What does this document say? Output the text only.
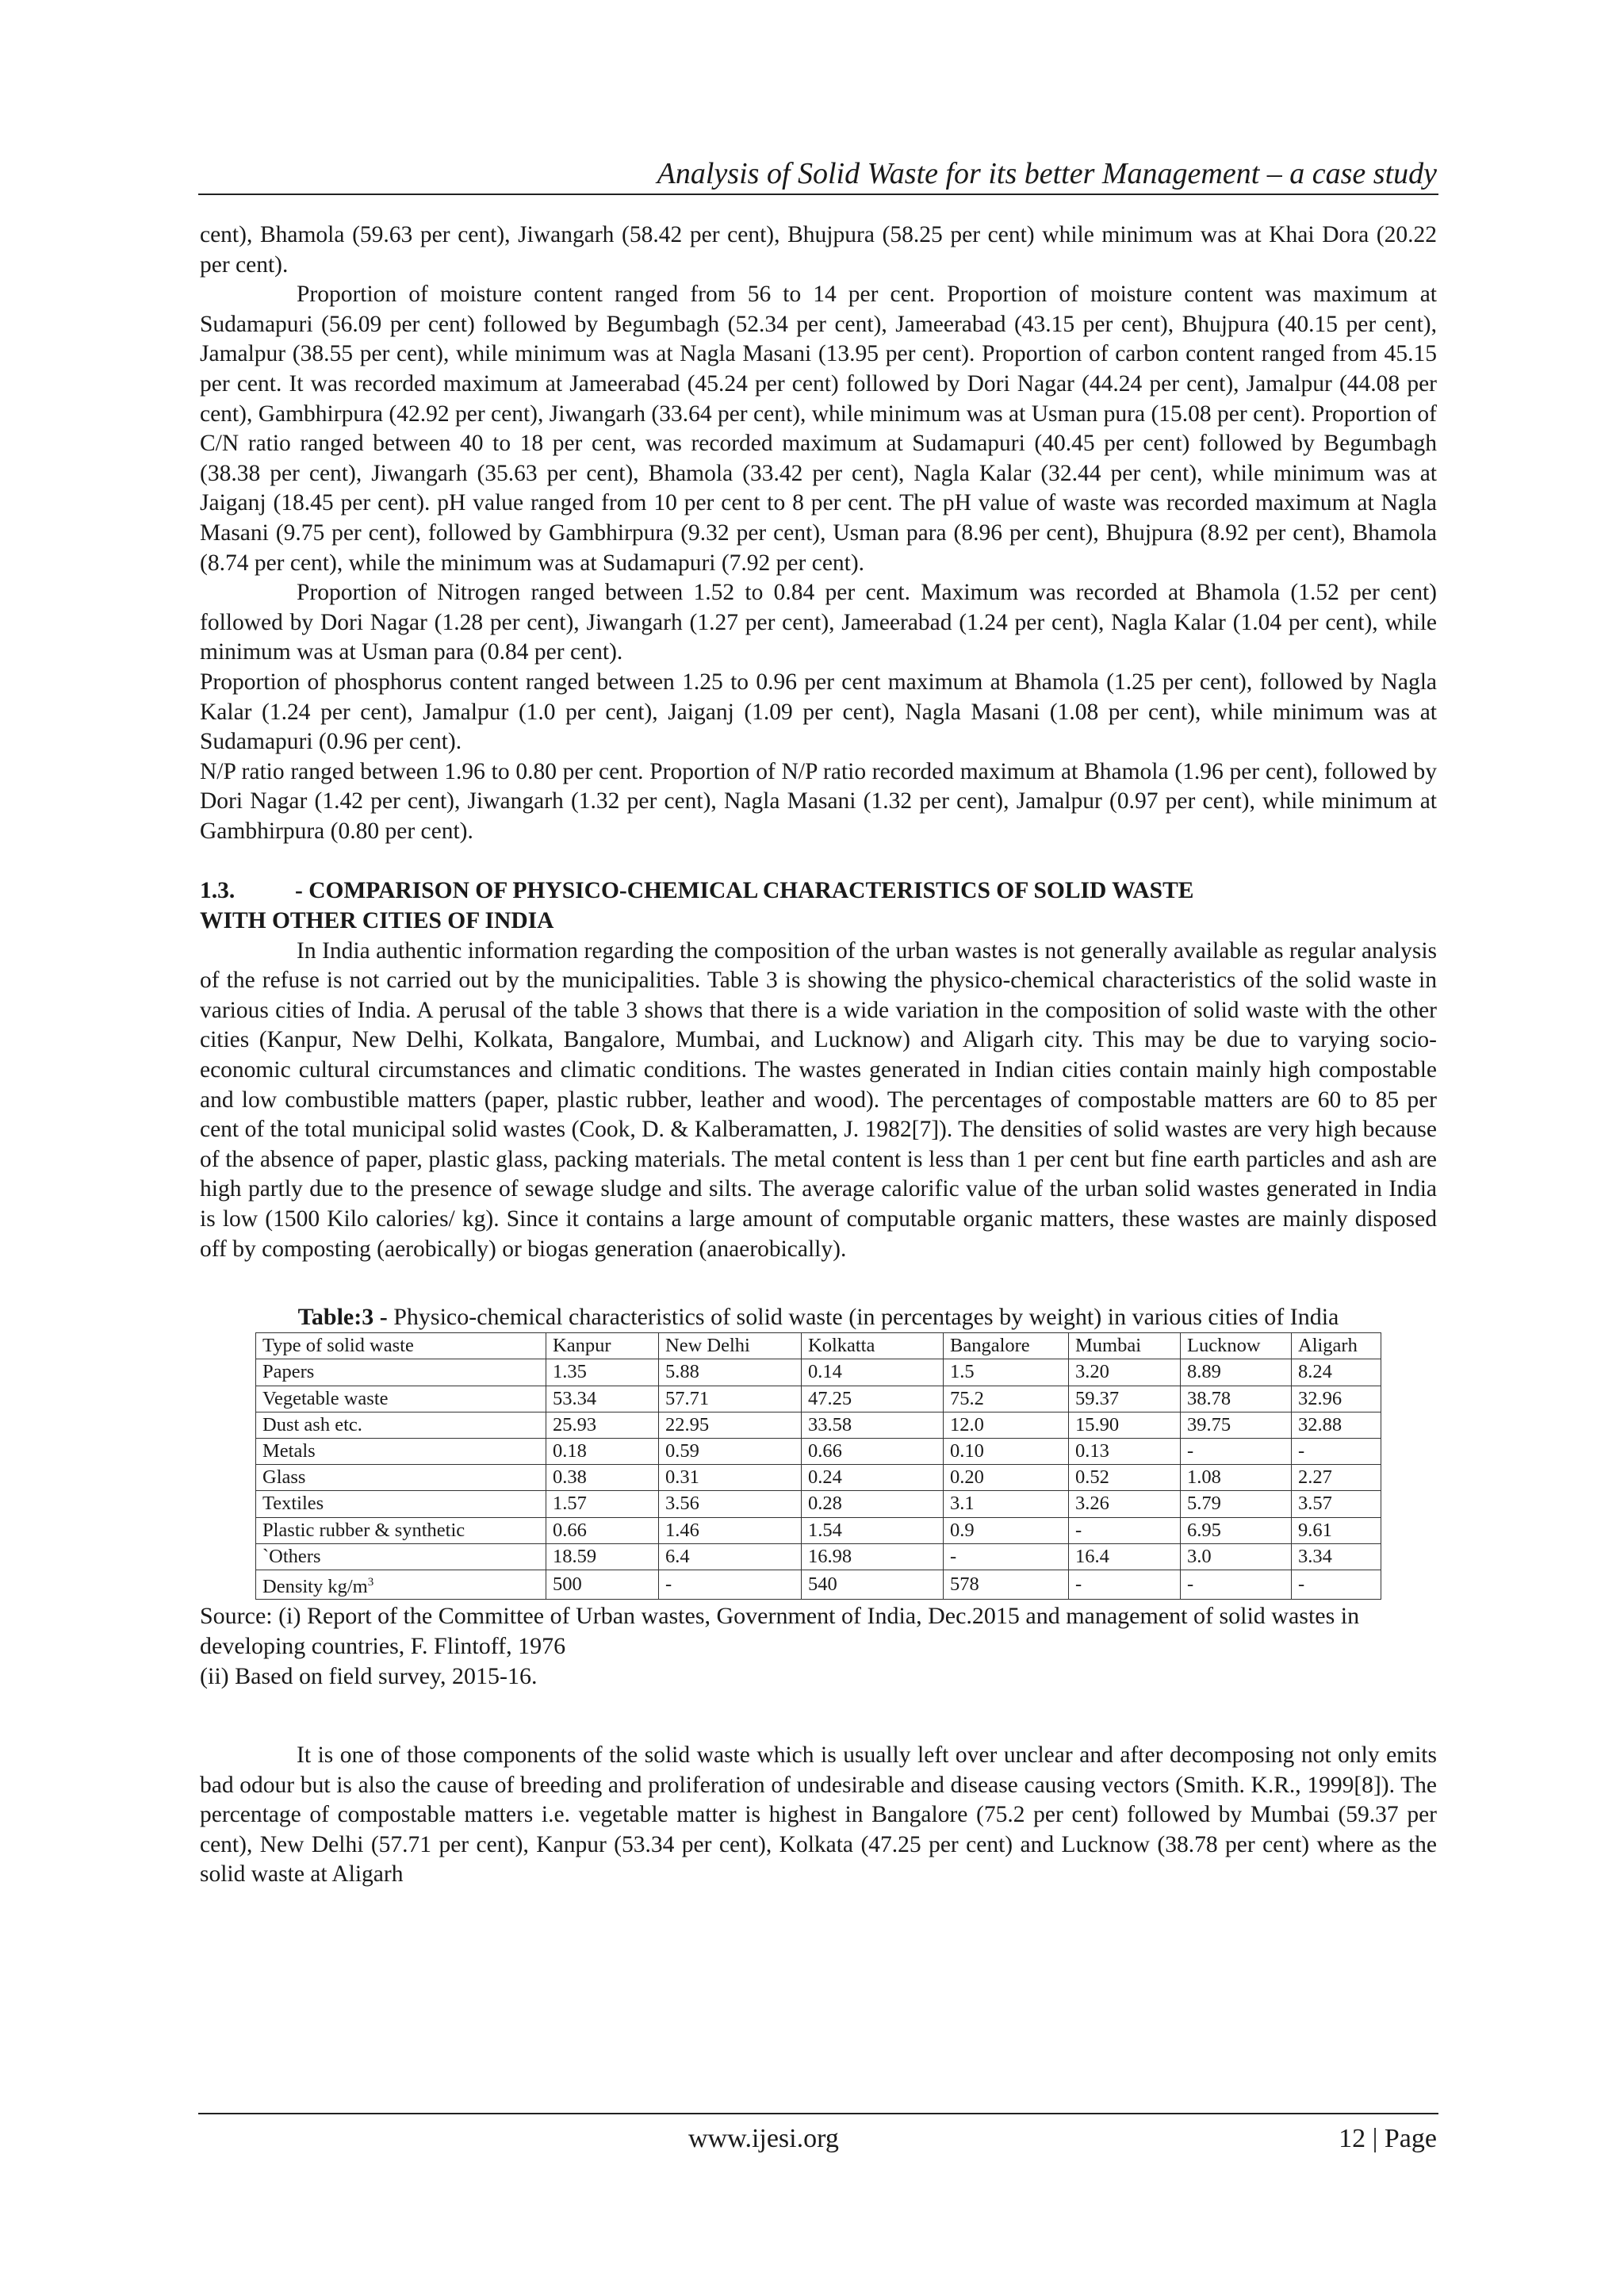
Analysis of Solid Waste for its better Management – a case study

cent), Bhamola (59.63 per cent), Jiwangarh (58.42 per cent), Bhujpura (58.25 per cent) while minimum was at Khai Dora (20.22 per cent).

Proportion of moisture content ranged from 56 to 14 per cent. Proportion of moisture content was maximum at Sudamapuri (56.09 per cent) followed by Begumbagh (52.34 per cent), Jameerabad (43.15 per cent), Bhujpura (40.15 per cent), Jamalpur (38.55 per cent), while minimum was at Nagla Masani (13.95 per cent). Proportion of carbon content ranged from 45.15 per cent. It was recorded maximum at Jameerabad (45.24 per cent) followed by Dori Nagar (44.24 per cent), Jamalpur (44.08 per cent), Gambhirpura (42.92 per cent), Jiwangarh (33.64 per cent), while minimum was at Usman pura (15.08 per cent). Proportion of C/N ratio ranged between 40 to 18 per cent, was recorded maximum at Sudamapuri (40.45 per cent) followed by Begumbagh (38.38 per cent), Jiwangarh (35.63 per cent), Bhamola (33.42 per cent), Nagla Kalar (32.44 per cent), while minimum was at Jaiganj (18.45 per cent). pH value ranged from 10 per cent to 8 per cent. The pH value of waste was recorded maximum at Nagla Masani (9.75 per cent), followed by Gambhirpura (9.32 per cent), Usman para (8.96 per cent), Bhujpura (8.92 per cent), Bhamola (8.74 per cent), while the minimum was at Sudamapuri (7.92 per cent).

Proportion of Nitrogen ranged between 1.52 to 0.84 per cent. Maximum was recorded at Bhamola (1.52 per cent) followed by Dori Nagar (1.28 per cent), Jiwangarh (1.27 per cent), Jameerabad (1.24 per cent), Nagla Kalar (1.04 per cent), while minimum was at Usman para (0.84 per cent).

Proportion of phosphorus content ranged between 1.25 to 0.96 per cent maximum at Bhamola (1.25 per cent), followed by Nagla Kalar (1.24 per cent), Jamalpur (1.0 per cent), Jaiganj (1.09 per cent), Nagla Masani (1.08 per cent), while minimum was at Sudamapuri (0.96 per cent).

N/P ratio ranged between 1.96 to 0.80 per cent. Proportion of N/P ratio recorded maximum at Bhamola (1.96 per cent), followed by Dori Nagar (1.42 per cent), Jiwangarh (1.32 per cent), Nagla Masani (1.32 per cent), Jamalpur (0.97 per cent), while minimum at Gambhirpura (0.80 per cent).

1.3.	- COMPARISON OF PHYSICO-CHEMICAL CHARACTERISTICS OF SOLID WASTE
WITH OTHER CITIES OF INDIA

In India authentic information regarding the composition of the urban wastes is not generally available as regular analysis of the refuse is not carried out by the municipalities. Table 3 is showing the physico-chemical characteristics of the solid waste in various cities of India. A perusal of the table 3 shows that there is a wide variation in the composition of solid waste with the other cities (Kanpur, New Delhi, Kolkata, Bangalore, Mumbai, and Lucknow) and Aligarh city. This may be due to varying socio-economic cultural circumstances and climatic conditions. The wastes generated in Indian cities contain mainly high compostable and low combustible matters (paper, plastic rubber, leather and wood). The percentages of compostable matters are 60 to 85 per cent of the total municipal solid wastes (Cook, D. & Kalberamatten, J. 1982[7]). The densities of solid wastes are very high because of the absence of paper, plastic glass, packing materials. The metal content is less than 1 per cent but fine earth particles and ash are high partly due to the presence of sewage sludge and silts. The average calorific value of the urban solid wastes generated in India is low (1500 Kilo calories/ kg). Since it contains a large amount of computable organic matters, these wastes are mainly disposed off by composting (aerobically) or biogas generation (anaerobically).

Table:3 - Physico-chemical characteristics of solid waste (in percentages by weight) in various cities of India
Type of solid waste	Kanpur	New Delhi	Kolkatta	Bangalore	Mumbai	Lucknow	Aligarh
Papers	1.35	5.88	0.14	1.5	3.20	8.89	8.24
Vegetable waste	53.34	57.71	47.25	75.2	59.37	38.78	32.96
Dust ash etc.	25.93	22.95	33.58	12.0	15.90	39.75	32.88
Metals	0.18	0.59	0.66	0.10	0.13	-	-
Glass	0.38	0.31	0.24	0.20	0.52	1.08	2.27
Textiles	1.57	3.56	0.28	3.1	3.26	5.79	3.57
Plastic rubber & synthetic	0.66	1.46	1.54	0.9	-	6.95	9.61
`Others	18.59	6.4	16.98	-	16.4	3.0	3.34
Density $kg/m^3$	500	-	540	578	-	-	-

Source: (i) Report of the Committee of Urban wastes, Government of India, Dec.2015 and management of solid wastes in developing countries, F. Flintoff, 1976

(ii) Based on field survey, 2015-16.

It is one of those components of the solid waste which is usually left over unclear and after decomposing not only emits bad odour but is also the cause of breeding and proliferation of undesirable and disease causing vectors (Smith. K.R., 1999[8]). The percentage of compostable matters i.e. vegetable matter is highest in Bangalore (75.2 per cent) followed by Mumbai (59.37 per cent), New Delhi (57.71 per cent), Kanpur (53.34 per cent), Kolkata (47.25 per cent) and Lucknow (38.78 per cent) where as the solid waste at Aligarh

www.ijesi.org	12 | Page
